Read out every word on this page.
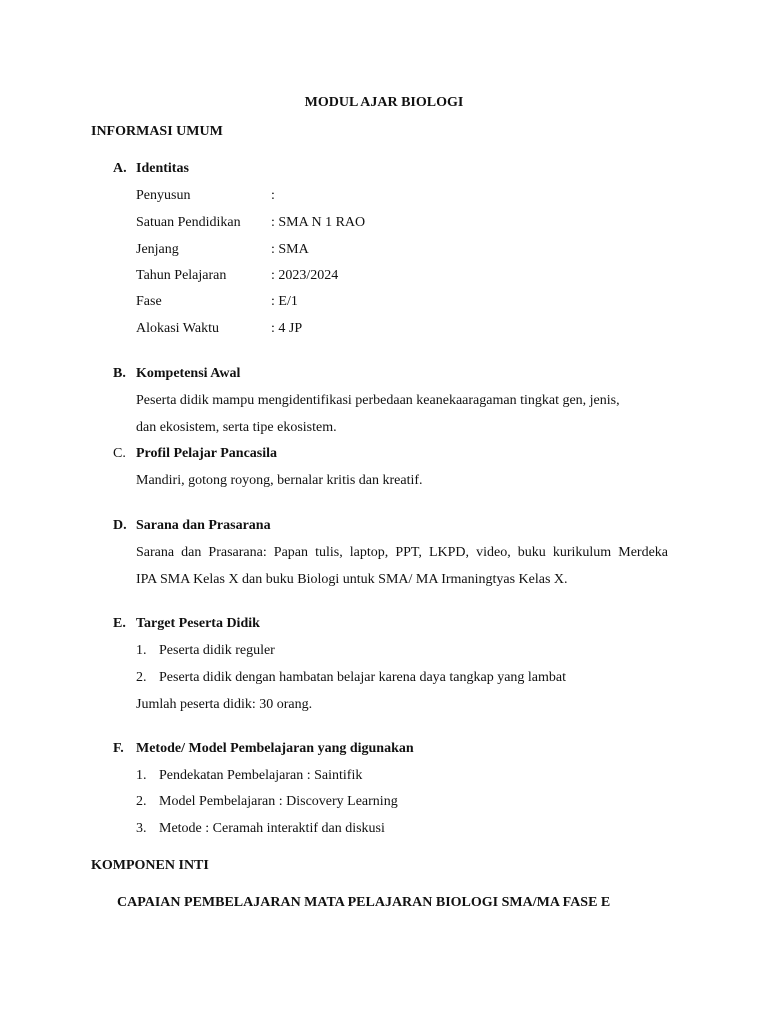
MODUL AJAR BIOLOGI
INFORMASI UMUM
A. Identitas
Penyusun	:
Satuan Pendidikan : SMA N 1 RAO
Jenjang	: SMA
Tahun Pelajaran	: 2023/2024
Fase	: E/1
Alokasi Waktu	: 4 JP
B. Kompetensi Awal
Peserta didik mampu mengidentifikasi perbedaan keanekaaragaman tingkat gen, jenis,
dan ekosistem, serta tipe ekosistem.
C. Profil Pelajar Pancasila
Mandiri, gotong royong, bernalar kritis dan kreatif.
D. Sarana dan Prasarana
Sarana dan Prasarana: Papan tulis, laptop, PPT, LKPD, video, buku kurikulum Merdeka
IPA SMA Kelas X dan buku Biologi untuk SMA/ MA Irmaningtyas Kelas X.
E. Target Peserta Didik
1. Peserta didik reguler
2. Peserta didik dengan hambatan belajar karena daya tangkap yang lambat
Jumlah peserta didik: 30 orang.
F. Metode/ Model Pembelajaran yang digunakan
1. Pendekatan Pembelajaran : Saintifik
2. Model Pembelajaran : Discovery Learning
3. Metode : Ceramah interaktif dan diskusi
KOMPONEN INTI
CAPAIAN PEMBELAJARAN MATA PELAJARAN BIOLOGI SMA/MA FASE E
